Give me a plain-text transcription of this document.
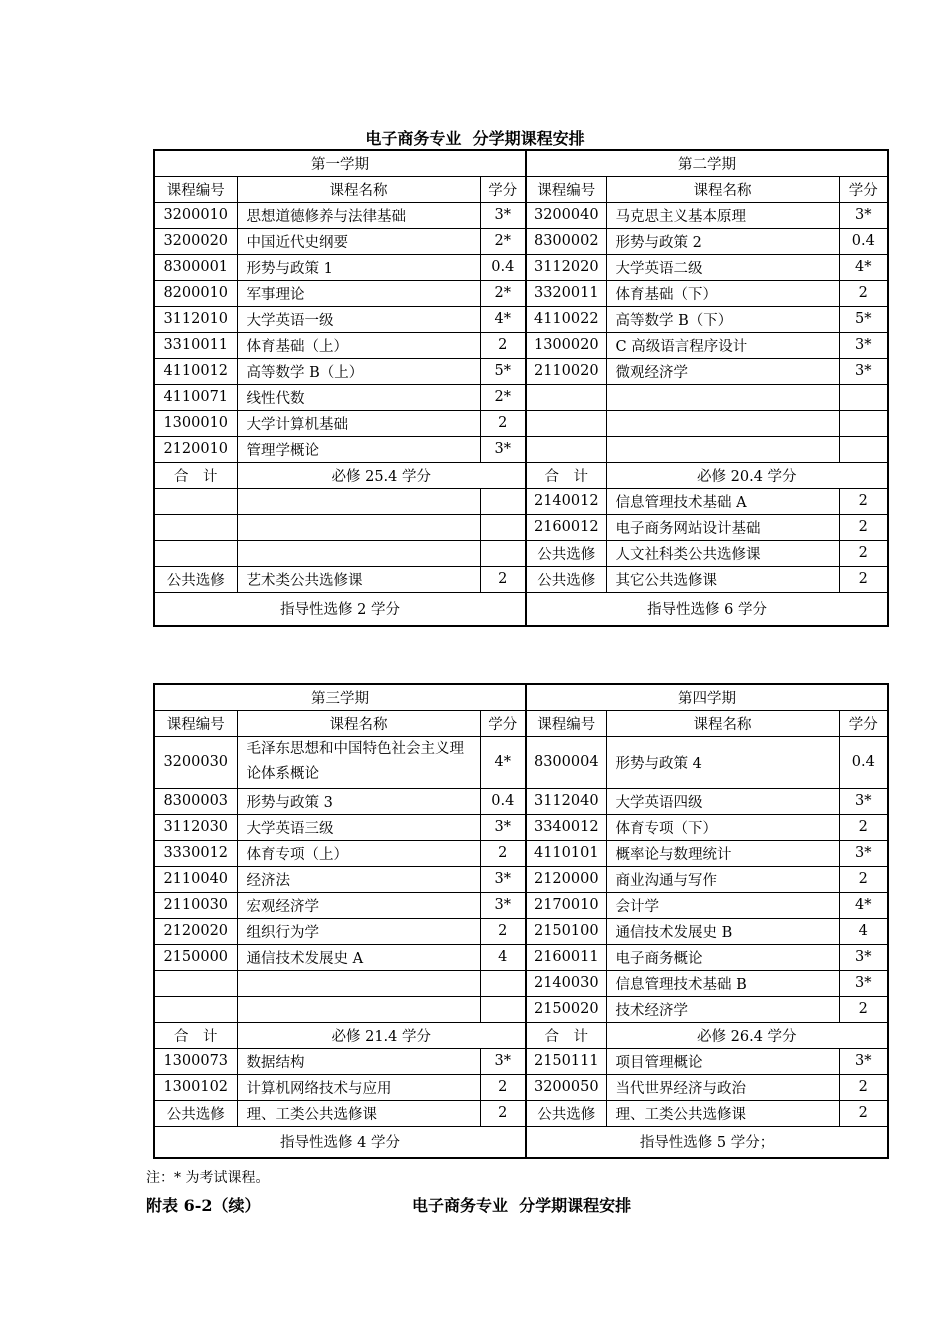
电子商务专业  分学期课程安排
第一学期			第二学期		
课程编号	课程名称	学分	课程编号	课程名称	学分
3200010	思想道德修养与法律基础	3*	3200040	马克思主义基本原理	3*
3200020	中国近代史纲要	2*	8300002	形势与政策 2	0.4
8300001	形势与政策 1	0.4	3112020	大学英语二级	4*
8200010	军事理论	2*	3320011	体育基础（下）	2
3112010	大学英语一级	4*	4110022	高等数学 B（下）	5*
3310011	体育基础（上）	2	1300020	C 高级语言程序设计	3*
4110012	高等数学 B（上）	5*	2110020	微观经济学	3*
4110071	线性代数	2*			
1300010	大学计算机基础	2			
2120010	管理学概论	3*			
合　计	必修 25.4 学分		合　计	必修 20.4 学分	
			2140012	信息管理技术基础 A	2
			2160012	电子商务网站设计基础	2
			公共选修	人文社科类公共选修课	2
公共选修	艺术类公共选修课	2	公共选修	其它公共选修课	2
指导性选修 2 学分			指导性选修 6 学分		
第三学期			第四学期		
课程编号	课程名称	学分	课程编号	课程名称	学分
3200030	毛泽东思想和中国特色社会主义理论体系概论	4*	8300004	形势与政策 4	0.4
8300003	形势与政策 3	0.4	3112040	大学英语四级	3*
3112030	大学英语三级	3*	3340012	体育专项（下）	2
3330012	体育专项（上）	2	4110101	概率论与数理统计	3*
2110040	经济法	3*	2120000	商业沟通与写作	2
2110030	宏观经济学	3*	2170010	会计学	4*
2120020	组织行为学	2	2150100	通信技术发展史 B	4
2150000	通信技术发展史 A	4	2160011	电子商务概论	3*
			2140030	信息管理技术基础 B	3*
			2150020	技术经济学	2
合　计	必修 21.4 学分		合　计	必修 26.4 学分	
1300073	数据结构	3*	2150111	项目管理概论	3*
1300102	计算机网络技术与应用	2	3200050	当代世界经济与政治	2
公共选修	理、工类公共选修课	2	公共选修	理、工类公共选修课	2
指导性选修 4 学分			指导性选修 5 学分；		
注：* 为考试课程。
附表 6-2（续）	电子商务专业  分学期课程安排
